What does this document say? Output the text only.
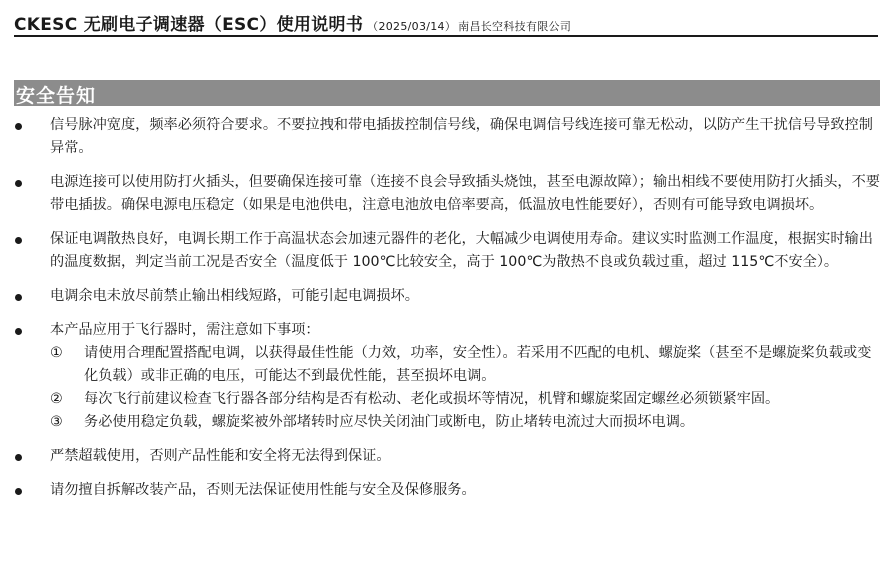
CKESC 无刷电子调速器（ESC）使用说明书 （2025/03/14） 南昌长空科技有限公司
安全告知
信号脉冲宽度，频率必须符合要求。不要拉拽和带电插拔控制信号线，确保电调信号线连接可靠无松动，以防产生干扰信号导致控制异常。
电源连接可以使用防打火插头，但要确保连接可靠（连接不良会导致插头烧蚀，甚至电源故障）；输出相线不要使用防打火插头，不要带电插拔。确保电源电压稳定（如果是电池供电，注意电池放电倍率要高，低温放电性能要好），否则有可能导致电调损坏。
保证电调散热良好，电调长期工作于高温状态会加速元器件的老化，大幅减少电调使用寿命。建议实时监测工作温度，根据实时输出的温度数据，判定当前工况是否安全（温度低于 100℃比较安全，高于 100℃为散热不良或负载过重，超过 115℃不安全）。
电调余电未放尽前禁止输出相线短路，可能引起电调损坏。
本产品应用于飞行器时，需注意如下事项：
① 请使用合理配置搭配电调，以获得最佳性能（力效，功率，安全性）。若采用不匹配的电机、螺旋桨（甚至不是螺旋桨负载或变化负载）或非正确的电压，可能达不到最优性能，甚至损坏电调。
② 每次飞行前建议检查飞行器各部分结构是否有松动、老化或损坏等情况，机臂和螺旋桨固定螺丝必须锁紧牢固。
③ 务必使用稳定负载，螺旋桨被外部堵转时应尽快关闭油门或断电，防止堵转电流过大而损坏电调。
严禁超载使用，否则产品性能和安全将无法得到保证。
请勿擅自拆解改装产品，否则无法保证使用性能与安全及保修服务。
